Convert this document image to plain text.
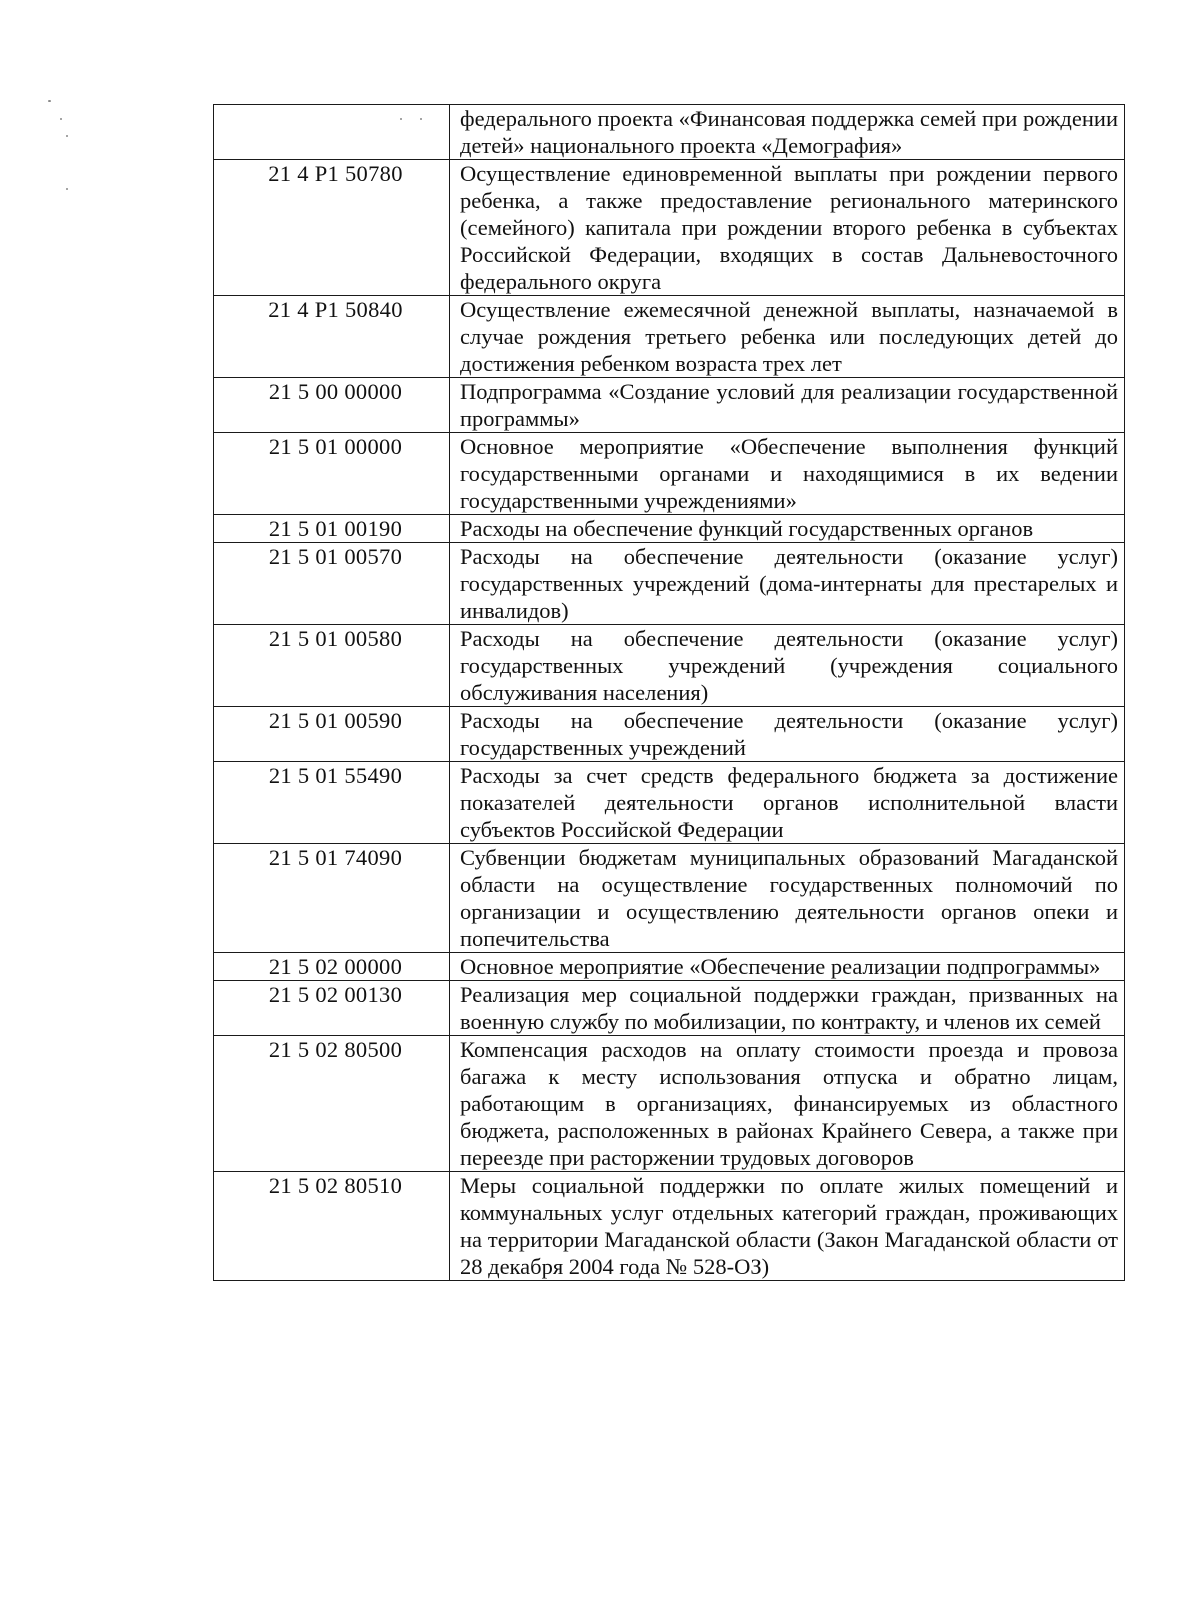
	федерального проекта «Финансовая поддержка семей при рождении детей» национального проекта «Демография»
21 4 P1 50780	Осуществление единовременной выплаты при рождении первого ребенка, а также предоставление регионального материнского (семейного) капитала при рождении второго ребенка в субъектах Российской Федерации, входящих в состав Дальневосточного федерального округа
21 4 P1 50840	Осуществление ежемесячной денежной выплаты, назначаемой в случае рождения третьего ребенка или последующих детей до достижения ребенком возраста трех лет
21 5 00 00000	Подпрограмма «Создание условий для реализации государственной программы»
21 5 01 00000	Основное мероприятие «Обеспечение выполнения функций государственными органами и находящимися в их ведении государственными учреждениями»
21 5 01 00190	Расходы на обеспечение функций государственных органов
21 5 01 00570	Расходы на обеспечение деятельности (оказание услуг) государственных учреждений (дома-интернаты для престарелых и инвалидов)
21 5 01 00580	Расходы на обеспечение деятельности (оказание услуг) государственных учреждений (учреждения социального обслуживания населения)
21 5 01 00590	Расходы на обеспечение деятельности (оказание услуг) государственных учреждений
21 5 01 55490	Расходы за счет средств федерального бюджета за достижение показателей деятельности органов исполнительной власти субъектов Российской Федерации
21 5 01 74090	Субвенции бюджетам муниципальных образований Магаданской области на осуществление государственных полномочий по организации и осуществлению деятельности органов опеки и попечительства
21 5 02 00000	Основное мероприятие «Обеспечение реализации подпрограммы»
21 5 02 00130	Реализация мер социальной поддержки граждан, призванных на военную службу по мобилизации, по контракту, и членов их семей
21 5 02 80500	Компенсация расходов на оплату стоимости проезда и провоза багажа к месту использования отпуска и обратно лицам, работающим в организациях, финансируемых из областного бюджета, расположенных в районах Крайнего Севера, а также при переезде при расторжении трудовых договоров
21 5 02 80510	Меры социальной поддержки по оплате жилых помещений и коммунальных услуг отдельных категорий граждан, проживающих на территории Магаданской области (Закон Магаданской области от 28 декабря 2004 года № 528-ОЗ)
